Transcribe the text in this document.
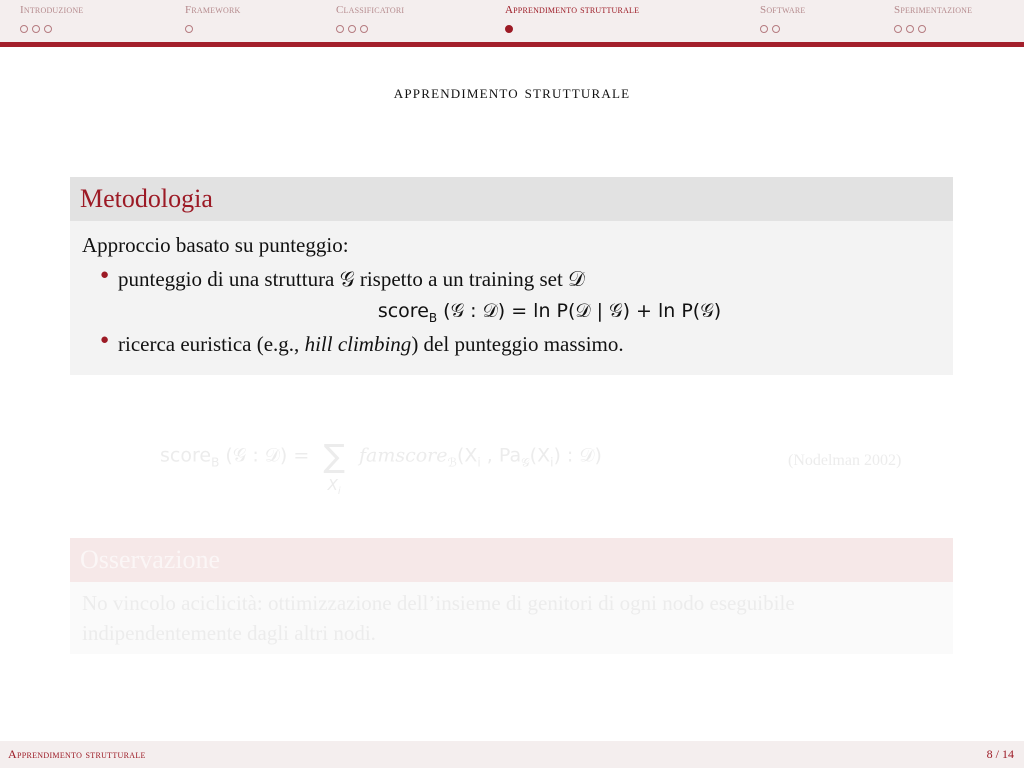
Introduzione	Framework	Classificatori	Apprendimento strutturale	Software	Sperimentazione
apprendimento strutturale
Metodologia
Approccio basato su punteggio:
● punteggio di una struttura 𝒢 rispetto a un training set 𝒟
score$_B$ (𝒢 : 𝒟) = ln P(𝒟 | 𝒢) + ln P(𝒢)
● ricerca euristica (e.g., hill climbing) del punteggio massimo.
score$_B$ (𝒢 : 𝒟) = ∑
$X_i$
$famscore_ℬ(X_i$ , $Pa_𝒢(X_i)$ : 𝒟)	(Nodelman 2002)
Osservazione
No vincolo aciclicità: ottimizzazione dell’insieme di genitori di ogni nodo eseguibile indipendentemente dagli altri nodi.
Apprendimento strutturale	8 / 14
